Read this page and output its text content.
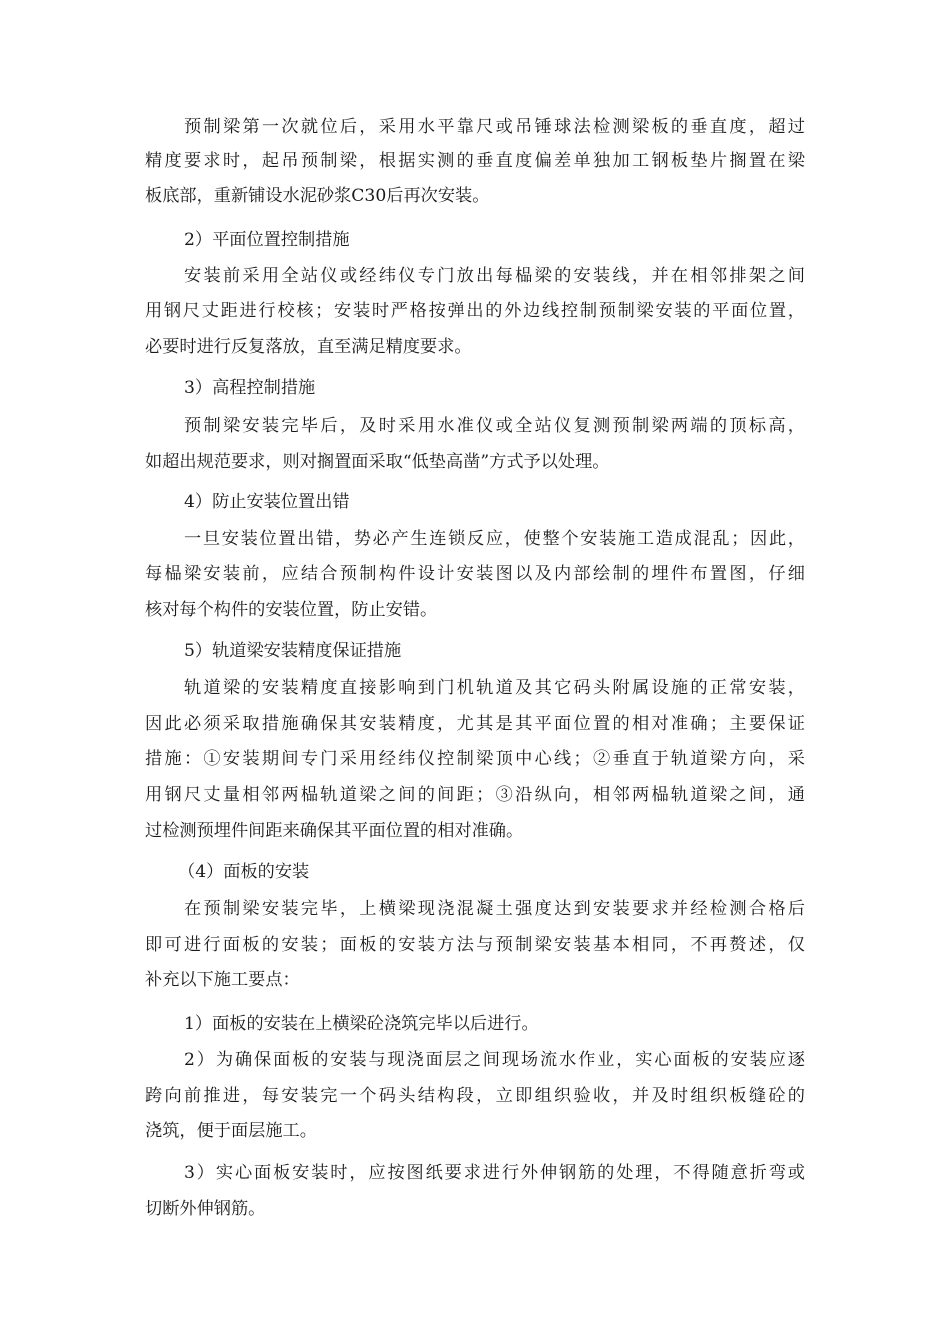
预制梁第一次就位后，采用水平靠尺或吊锤球法检测梁板的垂直度，超过
精度要求时，起吊预制梁，根据实测的垂直度偏差单独加工钢板垫片搁置在梁
板底部，重新铺设水泥砂浆C30后再次安装。
2）平面位置控制措施
安装前采用全站仪或经纬仪专门放出每榀梁的安装线，并在相邻排架之间
用钢尺丈距进行校核；安装时严格按弹出的外边线控制预制梁安装的平面位置，
必要时进行反复落放，直至满足精度要求。
3）高程控制措施
预制梁安装完毕后，及时采用水准仪或全站仪复测预制梁两端的顶标高，
如超出规范要求，则对搁置面采取“低垫高凿”方式予以处理。
4）防止安装位置出错
一旦安装位置出错，势必产生连锁反应，使整个安装施工造成混乱；因此，
每榀梁安装前，应结合预制构件设计安装图以及内部绘制的埋件布置图，仔细
核对每个构件的安装位置，防止安错。
5）轨道梁安装精度保证措施
轨道梁的安装精度直接影响到门机轨道及其它码头附属设施的正常安装，
因此必须采取措施确保其安装精度，尤其是其平面位置的相对准确；主要保证
措施：①安装期间专门采用经纬仪控制梁顶中心线；②垂直于轨道梁方向，采
用钢尺丈量相邻两榀轨道梁之间的间距；③沿纵向，相邻两榀轨道梁之间，通
过检测预埋件间距来确保其平面位置的相对准确。
（4）面板的安装
在预制梁安装完毕，上横梁现浇混凝土强度达到安装要求并经检测合格后
即可进行面板的安装；面板的安装方法与预制梁安装基本相同，不再赘述，仅
补充以下施工要点：
1）面板的安装在上横梁砼浇筑完毕以后进行。
2）为确保面板的安装与现浇面层之间现场流水作业，实心面板的安装应逐
跨向前推进，每安装完一个码头结构段，立即组织验收，并及时组织板缝砼的
浇筑，便于面层施工。
3）实心面板安装时，应按图纸要求进行外伸钢筋的处理，不得随意折弯或
切断外伸钢筋。
